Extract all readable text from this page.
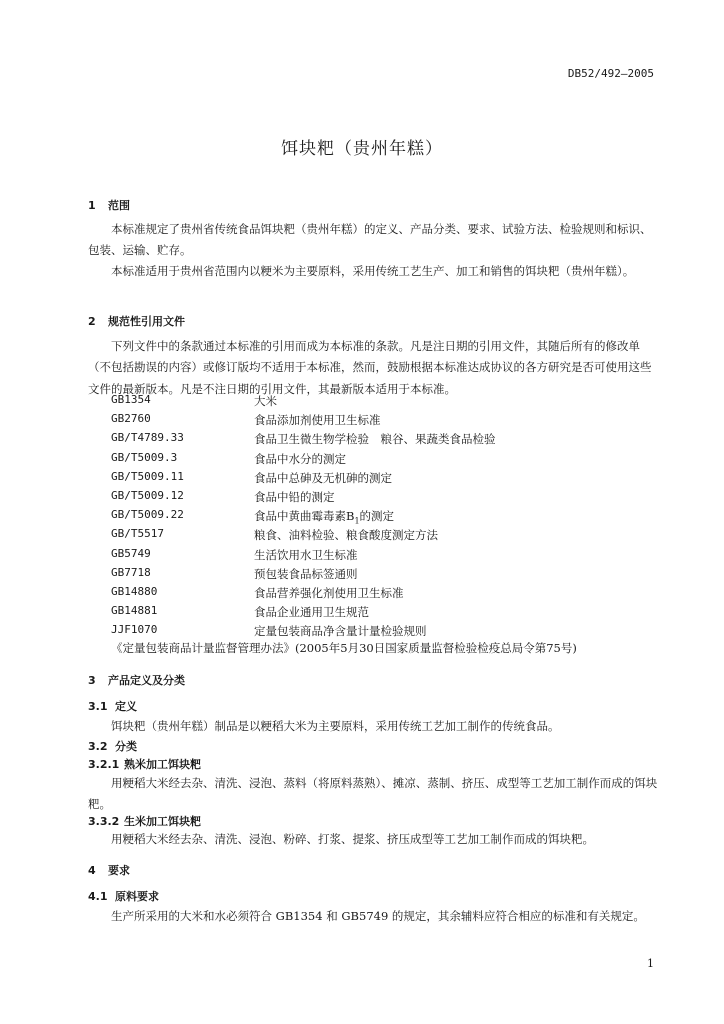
DB52/492—2005
饵块粑（贵州年糕）
1 范围
本标准规定了贵州省传统食品饵块粑（贵州年糕）的定义、产品分类、要求、试验方法、检验规则和标识、包装、运输、贮存。
本标准适用于贵州省范围内以粳米为主要原料，采用传统工艺生产、加工和销售的饵块粑（贵州年糕）。
2 规范性引用文件
下列文件中的条款通过本标准的引用而成为本标准的条款。凡是注日期的引用文件，其随后所有的修改单（不包括勘误的内容）或修订版均不适用于本标准，然而，鼓励根据本标准达成协议的各方研究是否可使用这些文件的最新版本。凡是不注日期的引用文件，其最新版本适用于本标准。
GB1354	大米
GB2760	食品添加剂使用卫生标准
GB/T4789.33	食品卫生微生物学检验　粮谷、果蔬类食品检验
GB/T5009.3	食品中水分的测定
GB/T5009.11	食品中总砷及无机砷的测定
GB/T5009.12	食品中铅的测定
GB/T5009.22	食品中黄曲霉毒素$B_1$的测定
GB/T5517	粮食、油料检验、粮食酸度测定方法
GB5749	生活饮用水卫生标准
GB7718	预包装食品标签通则
GB14880	食品营养强化剂使用卫生标准
GB14881	食品企业通用卫生规范
JJF1070	定量包装商品净含量计量检验规则
《定量包装商品计量监督管理办法》(2005年5月30日国家质量监督检验检疫总局令第75号)
3 产品定义及分类
3.1 定义
饵块粑（贵州年糕）制品是以粳稻大米为主要原料，采用传统工艺加工制作的传统食品。
3.2 分类
3.2.1 熟米加工饵块粑
用粳稻大米经去杂、清洗、浸泡、蒸料（将原料蒸熟）、摊凉、蒸制、挤压、成型等工艺加工制作而成的饵块粑。
3.3.2 生米加工饵块粑
用粳稻大米经去杂、清洗、浸泡、粉碎、打浆、提浆、挤压成型等工艺加工制作而成的饵块粑。
4 要求
4.1 原料要求
生产所采用的大米和水必须符合 GB1354 和 GB5749 的规定，其余辅料应符合相应的标准和有关规定。
1
